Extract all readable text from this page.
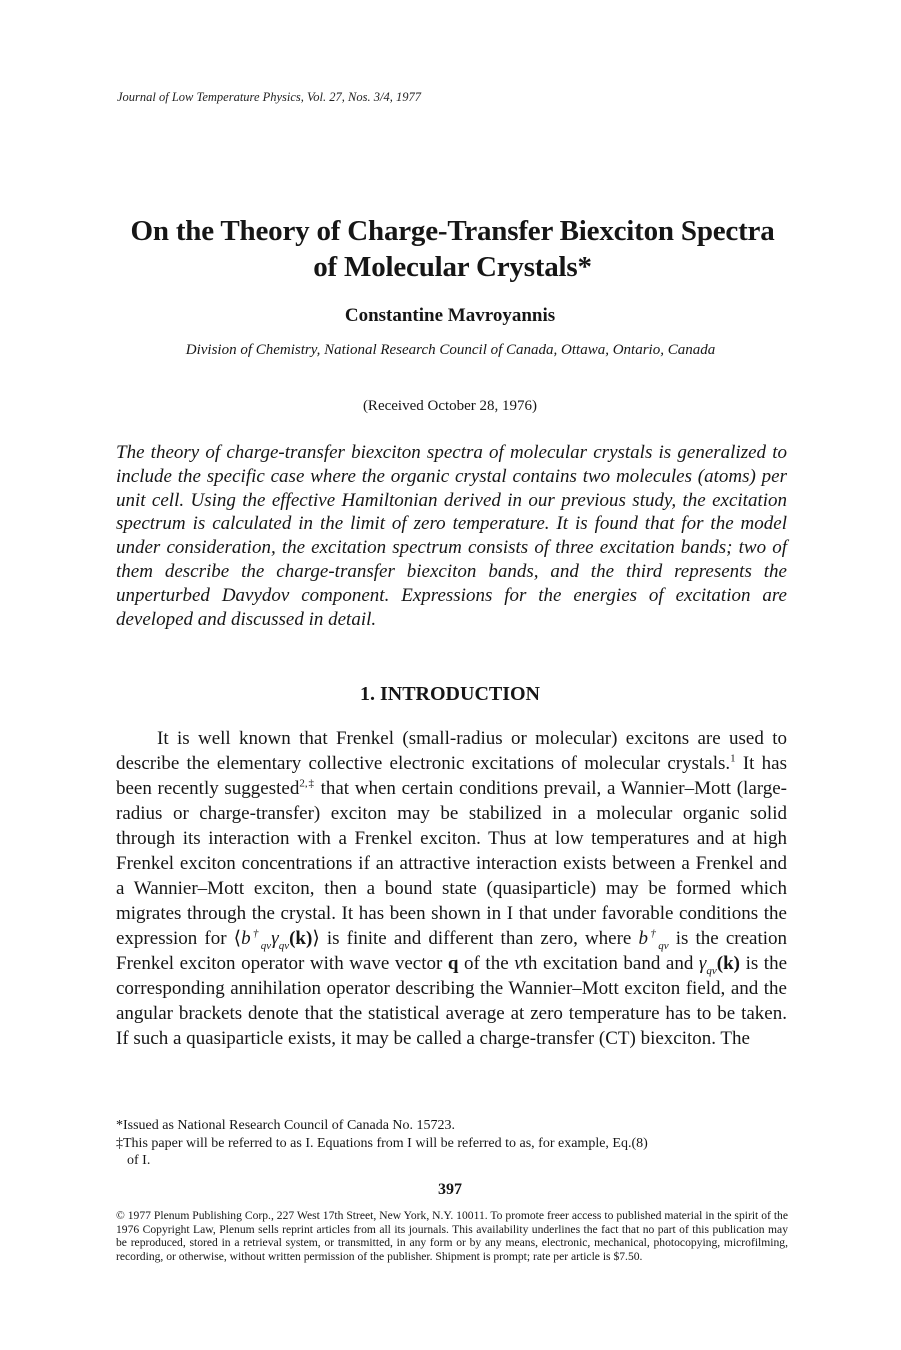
Journal of Low Temperature Physics, Vol. 27, Nos. 3/4, 1977
On the Theory of Charge-Transfer Biexciton Spectra
of Molecular Crystals*
Constantine Mavroyannis
Division of Chemistry, National Research Council of Canada, Ottawa, Ontario, Canada
(Received October 28, 1976)

The theory of charge-transfer biexciton spectra of molecular crystals is generalized to include the specific case where the organic crystal contains two molecules (atoms) per unit cell. Using the effective Hamiltonian derived in our previous study, the excitation spectrum is calculated in the limit of zero temperature. It is found that for the model under consideration, the excitation spectrum consists of three excitation bands; two of them describe the charge-transfer biexciton bands, and the third represents the unperturbed Davydov component. Expressions for the energies of excitation are developed and discussed in detail.

1. INTRODUCTION

It is well known that Frenkel (small-radius or molecular) excitons are used to describe the elementary collective electronic excitations of molecular crystals.$^1$ It has been recently suggested$^{2,\ddagger}$ that when certain conditions prevail, a Wannier–Mott (large-radius or charge-transfer) exciton may be stabilized in a molecular organic solid through its interaction with a Frenkel exciton. Thus at low temperatures and at high Frenkel exciton concentrations if an attractive interaction exists between a Frenkel and a Wannier–Mott exciton, then a bound state (quasiparticle) may be formed which migrates through the crystal. It has been shown in I that under favorable conditions the expression for $⟨b^\dagger_{q\nu}\gamma_{q\nu}(k)⟩$ is finite and different than zero, where $b^\dagger_{q\nu}$ is the creation Frenkel exciton operator with wave vector q of the νth excitation band and $\gamma_{q\nu}(k)$ is the corresponding annihilation operator describing the Wannier–Mott exciton field, and the angular brackets denote that the statistical average at zero temperature has to be taken. If such a quasiparticle exists, it may be called a charge-transfer (CT) biexciton. The

*Issued as National Research Council of Canada No. 15723.

‡This paper will be referred to as I. Equations from I will be referred to as, for example, Eq.(8)

of I.

397

© 1977 Plenum Publishing Corp., 227 West 17th Street, New York, N.Y. 10011. To promote freer access to published material in the spirit of the 1976 Copyright Law, Plenum sells reprint articles from all its journals. This availability underlines the fact that no part of this publication may be reproduced, stored in a retrieval system, or transmitted, in any form or by any means, electronic, mechanical, photocopying, microfilming, recording, or otherwise, without written permission of the publisher. Shipment is prompt; rate per article is $7.50.
